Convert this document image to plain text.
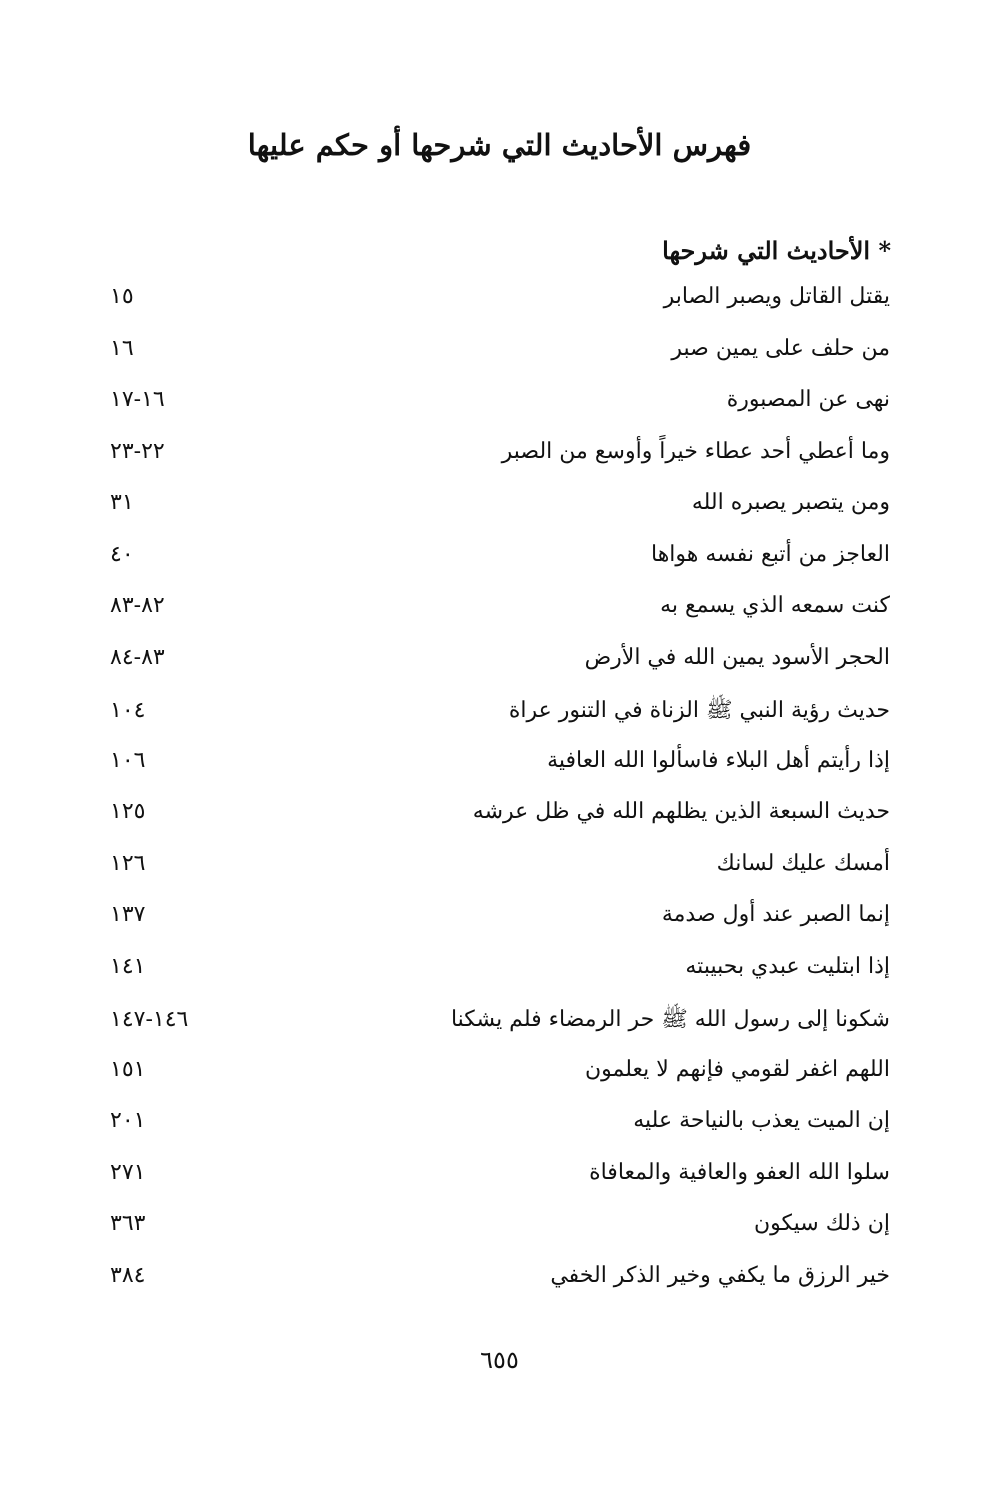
فهرس الأحاديث التي شرحها أو حكم عليها
* الأحاديث التي شرحها
١٥	يقتل القاتل ويصبر الصابر
١٦	من حلف على يمين صبر
١٦-١٧	نهى عن المصبورة
٢٢-٢٣	وما أعطي أحد عطاء خيراً وأوسع من الصبر
٣١	ومن يتصبر يصبره الله
٤٠	العاجز من أتبع نفسه هواها
٨٢-٨٣	كنت سمعه الذي يسمع به
٨٣-٨٤	الحجر الأسود يمين الله في الأرض
١٠٤	حديث رؤية النبي ﷺ الزناة في التنور عراة
١٠٦	إذا رأيتم أهل البلاء فاسألوا الله العافية
١٢٥	حديث السبعة الذين يظلهم الله في ظل عرشه
١٢٦	أمسك عليك لسانك
١٣٧	إنما الصبر عند أول صدمة
١٤١	إذا ابتليت عبدي بحبيبته
١٤٦-١٤٧	شكونا إلى رسول الله ﷺ حر الرمضاء فلم يشكنا
١٥١	اللهم اغفر لقومي فإنهم لا يعلمون
٢٠١	إن الميت يعذب بالنياحة عليه
٢٧١	سلوا الله العفو والعافية والمعافاة
٣٦٣	إن ذلك سيكون
٣٨٤	خير الرزق ما يكفي وخير الذكر الخفي
٦٥٥
